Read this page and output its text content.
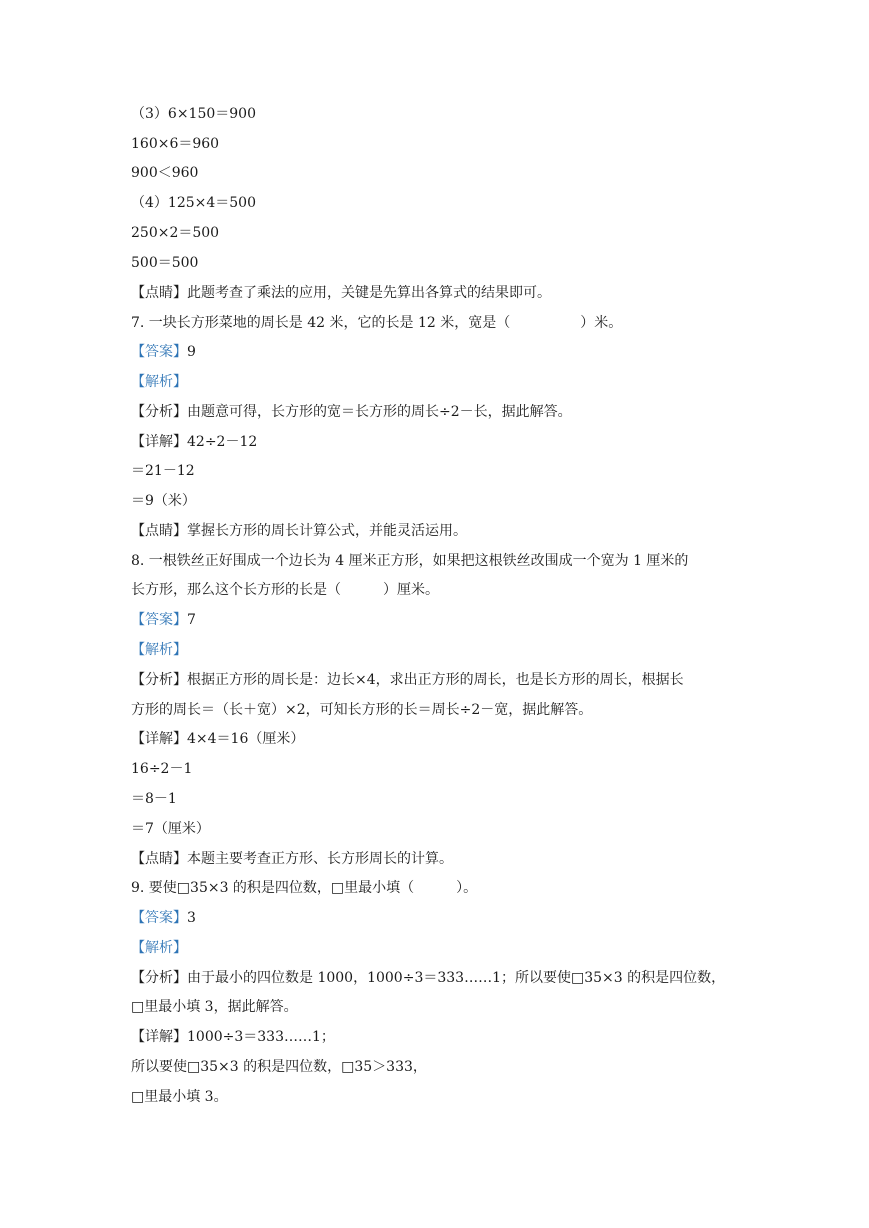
（3）6×150＝900
160×6＝960
900＜960
（4）125×4＝500
250×2＝500
500＝500
【点睛】此题考查了乘法的应用，关键是先算出各算式的结果即可。
7. 一块长方形菜地的周长是 42 米，它的长是 12 米，宽是（　　　　　）米。
【答案】9
【解析】
【分析】由题意可得，长方形的宽＝长方形的周长÷2－长，据此解答。
【详解】42÷2－12
＝21－12
＝9（米）
【点睛】掌握长方形的周长计算公式，并能灵活运用。
8. 一根铁丝正好围成一个边长为 4 厘米正方形，如果把这根铁丝改围成一个宽为 1 厘米的
长方形，那么这个长方形的长是（　　　）厘米。
【答案】7
【解析】
【分析】根据正方形的周长是：边长×4，求出正方形的周长，也是长方形的周长，根据长
方形的周长＝（长＋宽）×2，可知长方形的长＝周长÷2－宽，据此解答。
【详解】4×4＝16（厘米）
16÷2－1
＝8－1
＝7（厘米）
【点睛】本题主要考查正方形、长方形周长的计算。
9. 要使□35×3 的积是四位数，□里最小填（　　　）。
【答案】3
【解析】
【分析】由于最小的四位数是 1000，1000÷3＝333……1；所以要使□35×3 的积是四位数，
□里最小填 3，据此解答。
【详解】1000÷3＝333……1；
所以要使□35×3 的积是四位数，□35＞333，
□里最小填 3。
